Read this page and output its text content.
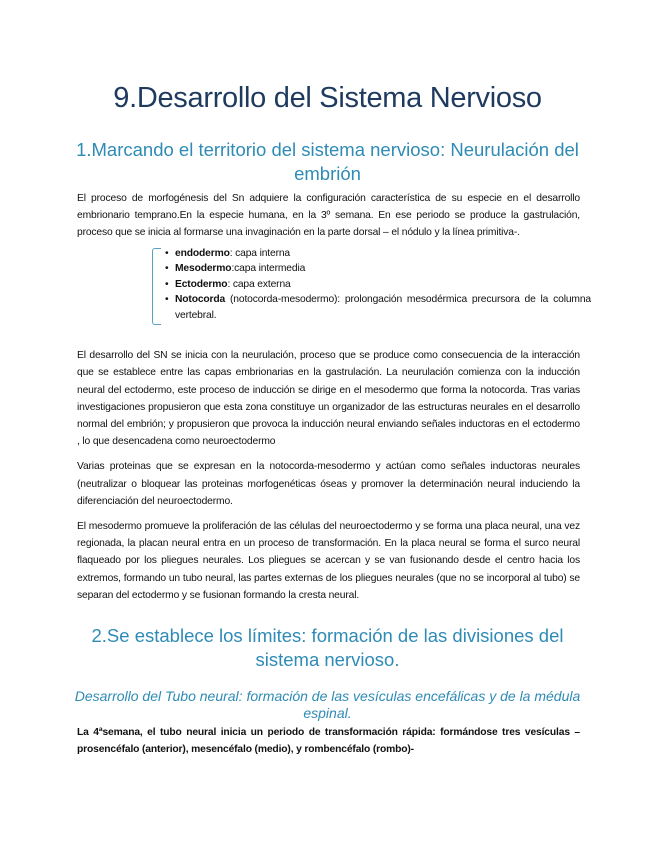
9.Desarrollo del Sistema Nervioso
1.Marcando el territorio del sistema nervioso: Neurulación del embrión
El proceso de morfogénesis del Sn adquiere la configuración característica de su especie en el desarrollo embrionario temprano.En la especie humana, en la 3º semana. En ese periodo se produce la gastrulación, proceso que se inicia al formarse una invaginación en la parte dorsal – el nódulo y la línea primitiva-.
• endodermo: capa interna
• Mesodermo:capa intermedia
• Ectodermo: capa externa
• Notocorda (notocorda-mesodermo): prolongación mesodérmica precursora de la columna vertebral.
El desarrollo del SN se inicia con la neurulación, proceso que se produce como consecuencia de la interacción que se establece entre las capas embrionarias en la gastrulación. La neurulación comienza con la inducción neural del ectodermo, este proceso de inducción se dirige en el mesodermo que forma la notocorda. Tras varias investigaciones propusieron que esta zona constituye un organizador de las estructuras neurales en el desarrollo normal del embrión; y propusieron que provoca la inducción neural enviando señales inductoras en el ectodermo , lo que desencadena como neuroectodermo
Varias proteinas que se expresan en la notocorda-mesodermo y actúan como señales inductoras neurales (neutralizar o bloquear las proteinas morfogenéticas óseas y promover la determinación neural induciendo la diferenciación del neuroectodermo.
El mesodermo promueve la proliferación de las células del neuroectodermo y se forma una placa neural, una vez regionada, la placan neural entra en un proceso de transformación. En la placa neural se forma el surco neural flaqueado por los pliegues neurales. Los pliegues se acercan y se van fusionando desde el centro hacia los extremos, formando un tubo neural, las partes externas de los pliegues neurales (que no se incorporal al tubo) se separan del ectodermo y se fusionan formando la cresta neural.
2.Se establece los límites: formación de las divisiones del sistema nervioso.
Desarrollo del Tubo neural: formación de las vesículas encefálicas y de la médula espinal.
La 4ªsemana, el tubo neural inicia un periodo de transformación rápida: formándose tres vesículas – prosencéfalo (anterior), mesencéfalo (medio), y rombencéfalo (rombo)-
